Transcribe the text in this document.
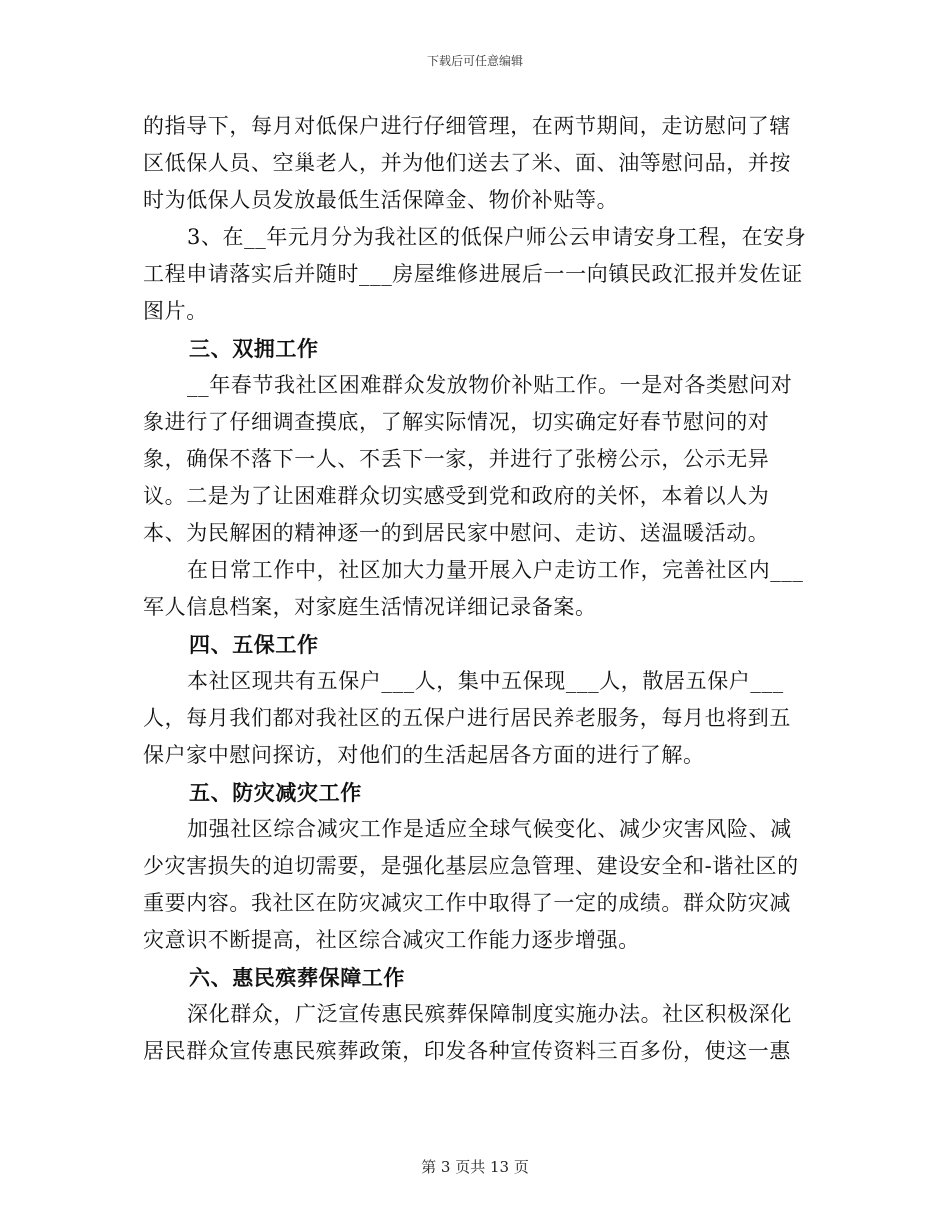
下载后可任意编辑

的指导下，每月对低保户进行仔细管理，在两节期间，走访慰问了辖区低保人员、空巢老人，并为他们送去了米、面、油等慰问品，并按时为低保人员发放最低生活保障金、物价补贴等。

3、在__年元月分为我社区的低保户师公云申请安身工程，在安身工程申请落实后并随时___房屋维修进展后一一向镇民政汇报并发佐证图片。

三、双拥工作

__年春节我社区困难群众发放物价补贴工作。一是对各类慰问对象进行了仔细调查摸底，了解实际情况，切实确定好春节慰问的对象，确保不落下一人、不丢下一家，并进行了张榜公示，公示无异议。二是为了让困难群众切实感受到党和政府的关怀，本着以人为本、为民解困的精神逐一的到居民家中慰问、走访、送温暖活动。

在日常工作中，社区加大力量开展入户走访工作，完善社区内___军人信息档案，对家庭生活情况详细记录备案。

四、五保工作

本社区现共有五保户___人，集中五保现___人，散居五保户___人，每月我们都对我社区的五保户进行居民养老服务，每月也将到五保户家中慰问探访，对他们的生活起居各方面的进行了解。

五、防灾减灾工作

加强社区综合减灾工作是适应全球气候变化、减少灾害风险、减少灾害损失的迫切需要，是强化基层应急管理、建设安全和-谐社区的重要内容。我社区在防灾减灾工作中取得了一定的成绩。群众防灾减灾意识不断提高，社区综合减灾工作能力逐步增强。

六、惠民殡葬保障工作

深化群众，广泛宣传惠民殡葬保障制度实施办法。社区积极深化居民群众宣传惠民殡葬政策，印发各种宣传资料三百多份，使这一惠

第 3 页共 13 页
